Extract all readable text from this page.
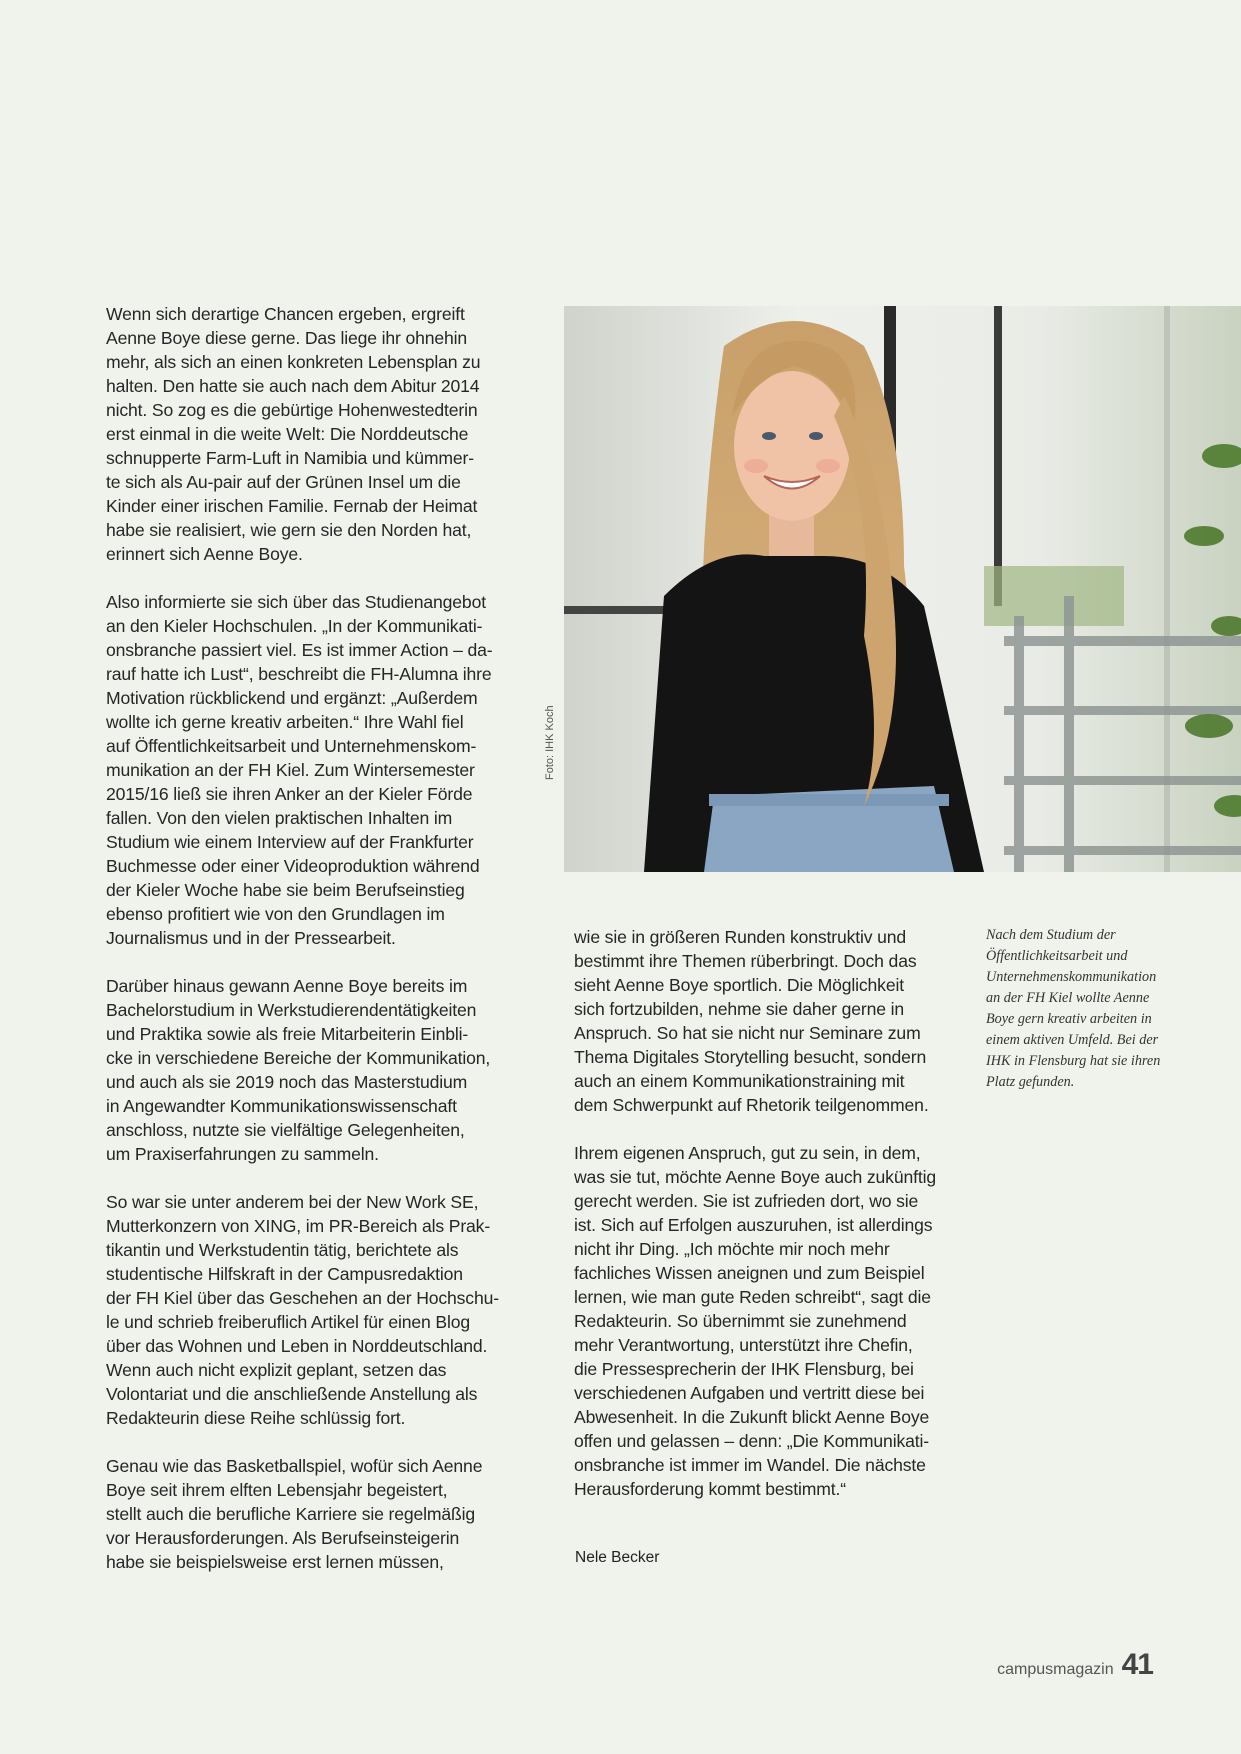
Wenn sich derartige Chancen ergeben, ergreift
Aenne Boye diese gerne. Das liege ihr ohnehin
mehr, als sich an einen konkreten Lebensplan zu
halten. Den hatte sie auch nach dem Abitur 2014
nicht. So zog es die gebürtige Hohenwestedterin
erst einmal in die weite Welt: Die Norddeutsche
schnupperte Farm-Luft in Namibia und kümmer-
te sich als Au-pair auf der Grünen Insel um die
Kinder einer irischen Familie. Fernab der Heimat
habe sie realisiert, wie gern sie den Norden hat,
erinnert sich Aenne Boye.

Also informierte sie sich über das Studienangebot
an den Kieler Hochschulen. „In der Kommunikati-
onsbranche passiert viel. Es ist immer Action – da-
rauf hatte ich Lust“, beschreibt die FH-Alumna ihre
Motivation rückblickend und ergänzt: „Außerdem
wollte ich gerne kreativ arbeiten.“ Ihre Wahl fiel
auf Öffentlichkeitsarbeit und Unternehmenskom-
munikation an der FH Kiel. Zum Wintersemester
2015/16 ließ sie ihren Anker an der Kieler Förde
fallen. Von den vielen praktischen Inhalten im
Studium wie einem Interview auf der Frankfurter
Buchmesse oder einer Videoproduktion während
der Kieler Woche habe sie beim Berufseinstieg
ebenso profitiert wie von den Grundlagen im
Journalismus und in der Pressearbeit.

Darüber hinaus gewann Aenne Boye bereits im
Bachelorstudium in Werkstudierendentätigkeiten
und Praktika sowie als freie Mitarbeiterin Einbli-
cke in verschiedene Bereiche der Kommunikation,
und auch als sie 2019 noch das Masterstudium
in Angewandter Kommunikationswissenschaft
anschloss, nutzte sie vielfältige Gelegenheiten,
um Praxiserfahrungen zu sammeln.

So war sie unter anderem bei der New Work SE,
Mutterkonzern von XING, im PR-Bereich als Prak-
tikantin und Werkstudentin tätig, berichtete als
studentische Hilfskraft in der Campusredaktion
der FH Kiel über das Geschehen an der Hochschu-
le und schrieb freiberuflich Artikel für einen Blog
über das Wohnen und Leben in Norddeutschland.
Wenn auch nicht explizit geplant, setzen das
Volontariat und die anschließende Anstellung als
Redakteurin diese Reihe schlüssig fort.

Genau wie das Basketballspiel, wofür sich Aenne
Boye seit ihrem elften Lebensjahr begeistert,
stellt auch die berufliche Karriere sie regelmäßig
vor Herausforderungen. Als Berufseinsteigerin
habe sie beispielsweise erst lernen müssen,

Foto: IHK Koch

wie sie in größeren Runden konstruktiv und
bestimmt ihre Themen rüberbringt. Doch das
sieht Aenne Boye sportlich. Die Möglichkeit
sich fortzubilden, nehme sie daher gerne in
Anspruch. So hat sie nicht nur Seminare zum
Thema Digitales Storytelling besucht, sondern
auch an einem Kommunikationstraining mit
dem Schwerpunkt auf Rhetorik teilgenommen.

Ihrem eigenen Anspruch, gut zu sein, in dem,
was sie tut, möchte Aenne Boye auch zukünftig
gerecht werden. Sie ist zufrieden dort, wo sie
ist. Sich auf Erfolgen auszuruhen, ist allerdings
nicht ihr Ding. „Ich möchte mir noch mehr
fachliches Wissen aneignen und zum Beispiel
lernen, wie man gute Reden schreibt“, sagt die
Redakteurin. So übernimmt sie zunehmend
mehr Verantwortung, unterstützt ihre Chefin,
die Pressesprecherin der IHK Flensburg, bei
verschiedenen Aufgaben und vertritt diese bei
Abwesenheit. In die Zukunft blickt Aenne Boye
offen und gelassen – denn: „Die Kommunikati-
onsbranche ist immer im Wandel. Die nächste
Herausforderung kommt bestimmt.“

Nach dem Studium der
Öffentlichkeitsarbeit und
Unternehmenskommunikation
an der FH Kiel wollte Aenne
Boye gern kreativ arbeiten in
einem aktiven Umfeld. Bei der
IHK in Flensburg hat sie ihren
Platz gefunden.
Nele Becker
campusmagazin 41
